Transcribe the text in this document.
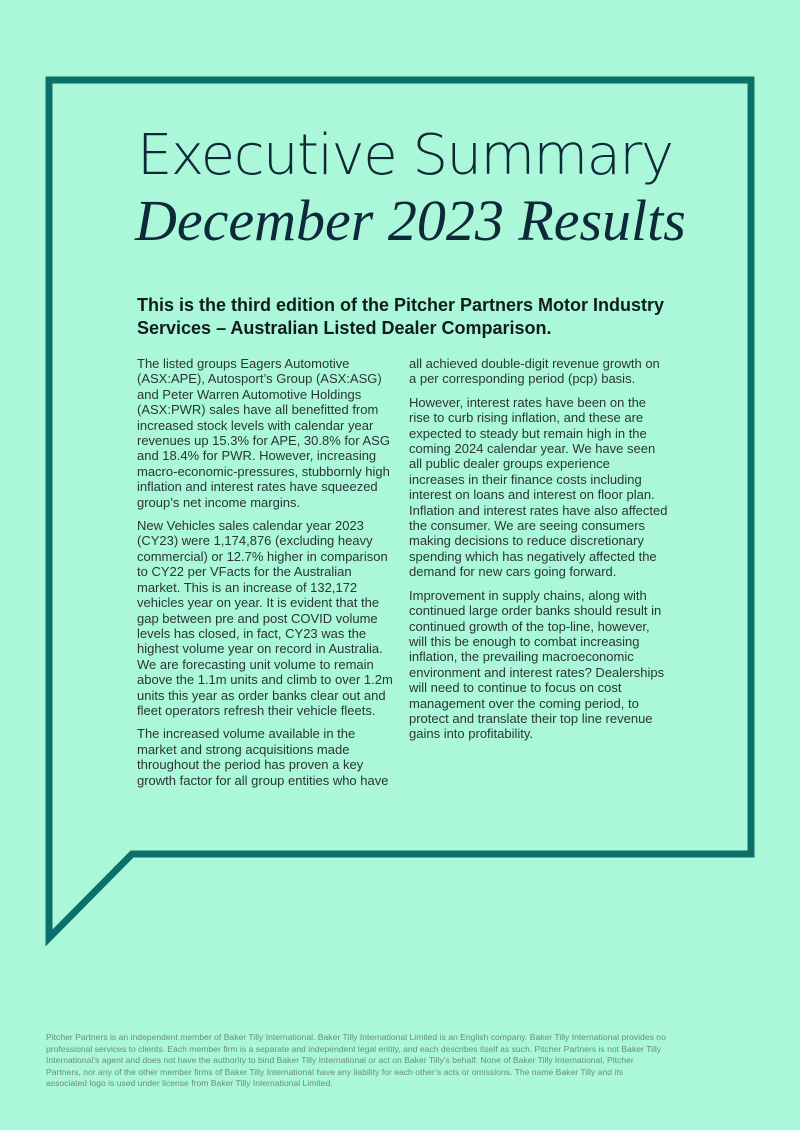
Executive Summary
December 2023 Results

This is the third edition of the Pitcher Partners Motor Industry Services – Australian Listed Dealer Comparison.

The listed groups Eagers Automotive (ASX:APE), Autosport’s Group (ASX:ASG) and Peter Warren Automotive Holdings (ASX:PWR) sales have all benefitted from increased stock levels with calendar year revenues up 15.3% for APE, 30.8% for ASG and 18.4% for PWR. However, increasing macro-economic-pressures, stubbornly high inflation and interest rates have squeezed group’s net income margins.

New Vehicles sales calendar year 2023 (CY23) were 1,174,876 (excluding heavy commercial) or 12.7% higher in comparison to CY22 per VFacts for the Australian market. This is an increase of 132,172 vehicles year on year. It is evident that the gap between pre and post COVID volume levels has closed, in fact, CY23 was the highest volume year on record in Australia. We are forecasting unit volume to remain above the 1.1m units and climb to over 1.2m units this year as order banks clear out and fleet operators refresh their vehicle fleets.

The increased volume available in the market and strong acquisitions made throughout the period has proven a key growth factor for all group entities who have

all achieved double-digit revenue growth on a per corresponding period (pcp) basis.

However, interest rates have been on the rise to curb rising inflation, and these are expected to steady but remain high in the coming 2024 calendar year. We have seen all public dealer groups experience increases in their finance costs including interest on loans and interest on floor plan. Inflation and interest rates have also affected the consumer. We are seeing consumers making decisions to reduce discretionary spending which has negatively affected the demand for new cars going forward.

Improvement in supply chains, along with continued large order banks should result in continued growth of the top-line, however, will this be enough to combat increasing inflation, the prevailing macroeconomic environment and interest rates? Dealerships will need to continue to focus on cost management over the coming period, to protect and translate their top line revenue gains into profitability.

Pitcher Partners is an independent member of Baker Tilly International. Baker Tilly International Limited is an English company. Baker Tilly International provides no professional services to clients. Each member firm is a separate and independent legal entity, and each describes itself as such. Pitcher Partners is not Baker Tilly International’s agent and does not have the authority to bind Baker Tilly International or act on Baker Tilly’s behalf. None of Baker Tilly International, Pitcher Partners, nor any of the other member firms of Baker Tilly International have any liability for each other’s acts or omissions. The name Baker Tilly and its associated logo is used under license from Baker Tilly International Limited.
